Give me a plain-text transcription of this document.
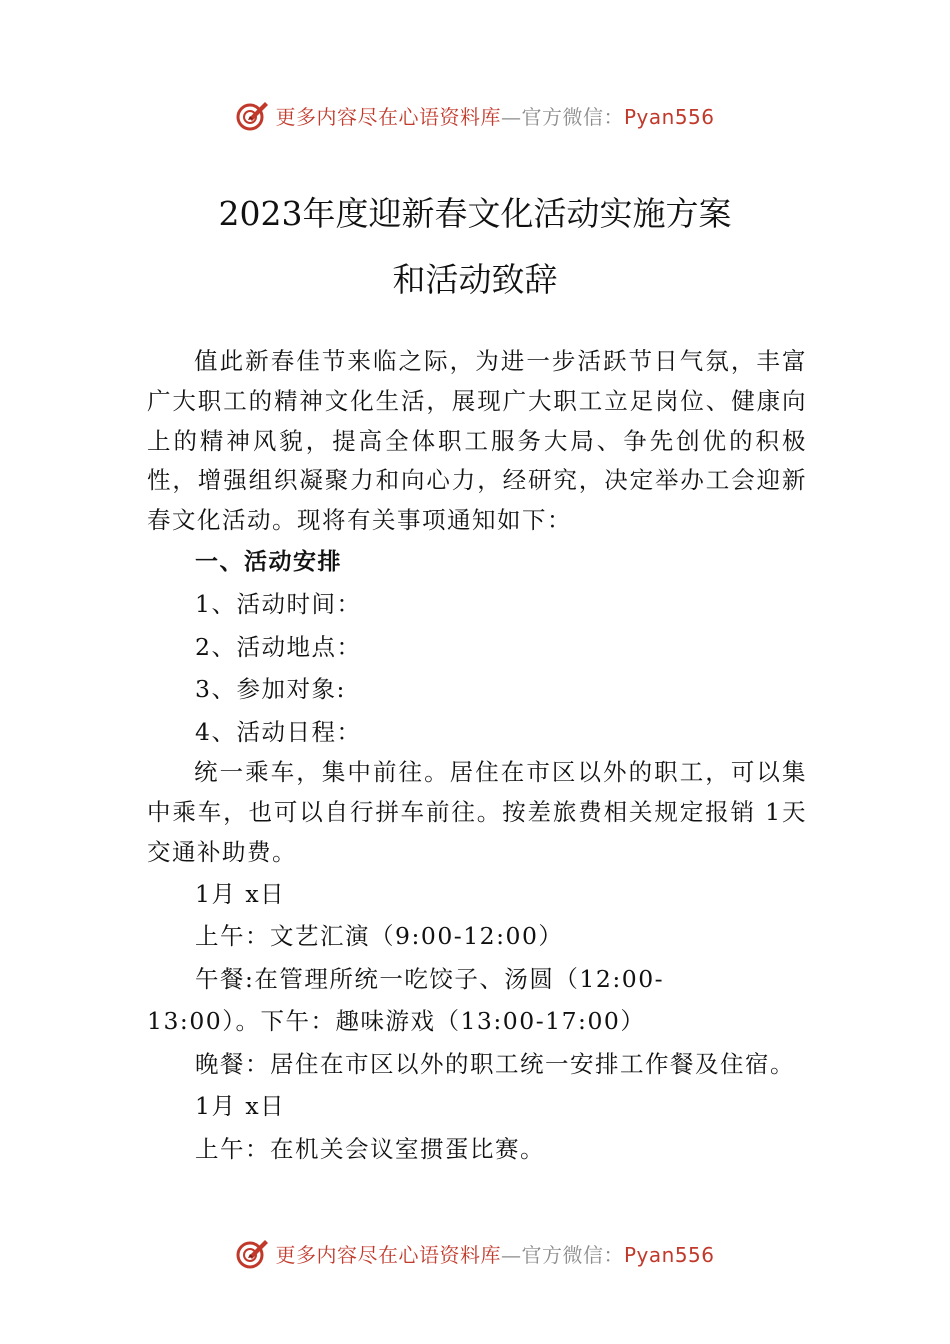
更多内容尽在心语资料库—官方微信：Pyan556
2023年度迎新春文化活动实施方案
和活动致辞

值此新春佳节来临之际，为进一步活跃节日气氛，丰富广大职工的精神文化生活，展现广大职工立足岗位、健康向上的精神风貌，提高全体职工服务大局、争先创优的积极性，增强组织凝聚力和向心力，经研究，决定举办工会迎新春文化活动。现将有关事项通知如下：

一、活动安排

1、活动时间：

2、活动地点：

3、参加对象:

4、活动日程：

统一乘车，集中前往。居住在市区以外的职工，可以集中乘车，也可以自行拼车前往。按差旅费相关规定报销 1天交通补助费。

1月 x日

上午：文艺汇演（9:00-12:00）

午餐:在管理所统一吃饺子、汤圆（12:00-

13:00）。下午：趣味游戏（13:00-17:00）

晚餐：居住在市区以外的职工统一安排工作餐及住宿。

1月 x日

上午：在机关会议室掼蛋比赛。

更多内容尽在心语资料库—官方微信：Pyan556
